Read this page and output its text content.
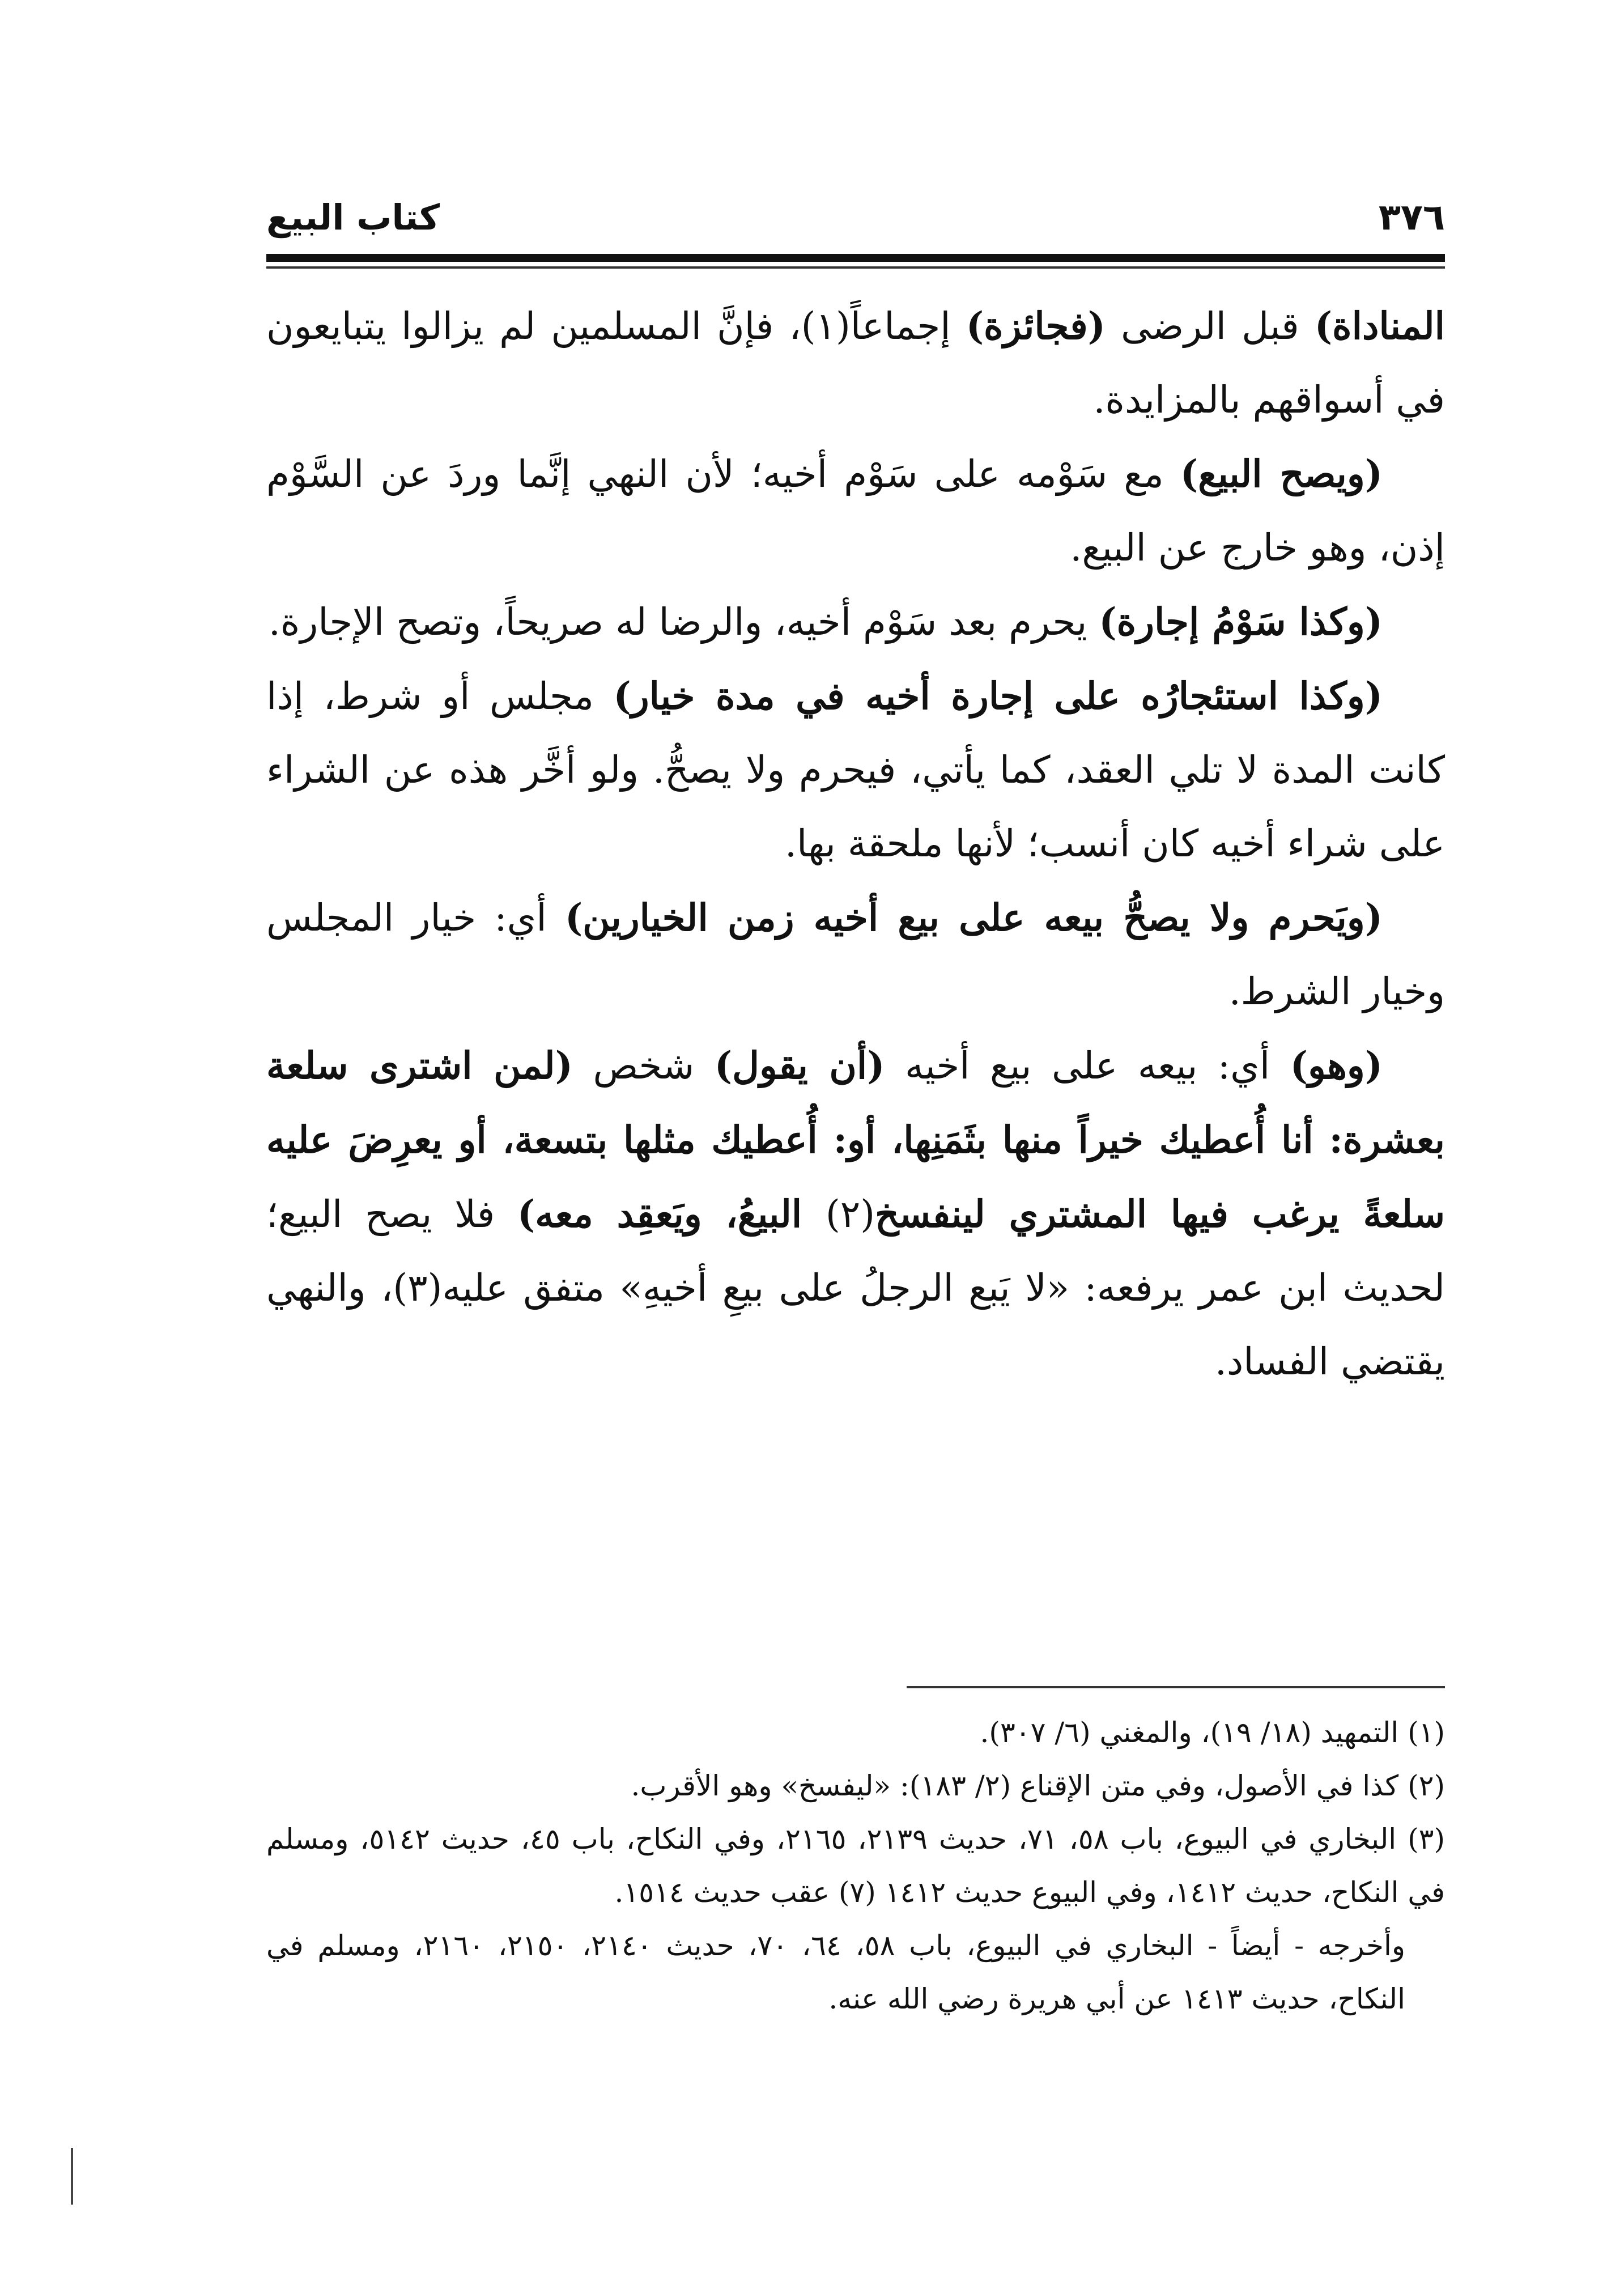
٣٧٦
كتاب البيع

المناداة) قبل الرضى (فجائزة) إجماعاً(١)، فإنَّ المسلمين لم يزالوا يتبايعون في أسواقهم بالمزايدة.

(ويصح البيع) مع سَوْمه على سَوْم أخيه؛ لأن النهي إنَّما وردَ عن السَّوْم إذن، وهو خارج عن البيع.

(وكذا سَوْمُ إجارة) يحرم بعد سَوْم أخيه، والرضا له صريحاً، وتصح الإجارة.

(وكذا استئجارُه على إجارة أخيه في مدة خيار) مجلس أو شرط، إذا كانت المدة لا تلي العقد، كما يأتي، فيحرم ولا يصحُّ. ولو أخَّر هذه عن الشراء على شراء أخيه كان أنسب؛ لأنها ملحقة بها.

(ويَحرم ولا يصحُّ بيعه على بيع أخيه زمن الخيارين) أي: خيار المجلس وخيار الشرط.

(وهو) أي: بيعه على بيع أخيه (أن يقول) شخص (لمن اشترى سلعة بعشرة: أنا أُعطيك خيراً منها بثَمَنِها، أو: أُعطيك مثلها بتسعة، أو يعرِضَ عليه سلعةً يرغب فيها المشتري لينفسخ(٢) البيعُ، ويَعقِد معه) فلا يصح البيع؛ لحديث ابن عمر يرفعه: «لا يَبع الرجلُ على بيعِ أخيهِ» متفق عليه(٣)، والنهي يقتضي الفساد.

(١) التمهيد (١٨/ ١٩)، والمغني (٦/ ٣٠٧).

(٢) كذا في الأصول، وفي متن الإقناع (٢/ ١٨٣): «ليفسخ» وهو الأقرب.

(٣) البخاري في البيوع، باب ٥٨، ٧١، حديث ٢١٣٩، ٢١٦٥، وفي النكاح، باب ٤٥، حديث ٥١٤٢، ومسلم في النكاح، حديث ١٤١٢، وفي البيوع حديث ١٤١٢ (٧) عقب حديث ١٥١٤.

وأخرجه - أيضاً - البخاري في البيوع، باب ٥٨، ٦٤، ٧٠، حديث ٢١٤٠، ٢١٥٠، ٢١٦٠، ومسلم في النكاح، حديث ١٤١٣ عن أبي هريرة رضي الله عنه.
